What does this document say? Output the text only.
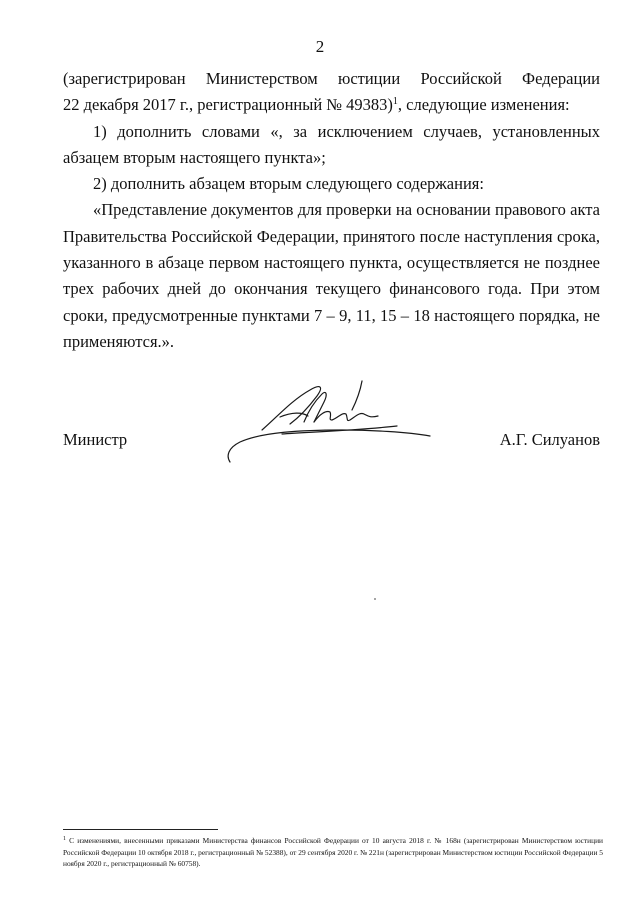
2

(зарегистрирован Министерством юстиции Российской Федерации

22 декабря 2017 г., регистрационный № 49383)$^1$, следующие изменения:

1) дополнить словами «, за исключением случаев, установленных абзацем вторым настоящего пункта»;

2) дополнить абзацем вторым следующего содержания:

«Представление документов для проверки на основании правового акта Правительства Российской Федерации, принятого после наступления срока, указанного в абзаце первом настоящего пункта, осуществляется не позднее трех рабочих дней до окончания текущего финансового года. При этом сроки, предусмотренные пунктами 7 – 9, 11, 15 – 18 настоящего порядка, не применяются.».

Министр	А.Г. Силуанов
$^1$ С изменениями, внесенными приказами Министерства финансов Российской Федерации от 10 августа 2018 г. № 168н (зарегистрирован Министерством юстиции Российской Федерации 10 октября 2018 г., регистрационный № 52388), от 29 сентября 2020 г. № 221н (зарегистрирован Министерством юстиции Российской Федерации 5 ноября 2020 г., регистрационный № 60758).
